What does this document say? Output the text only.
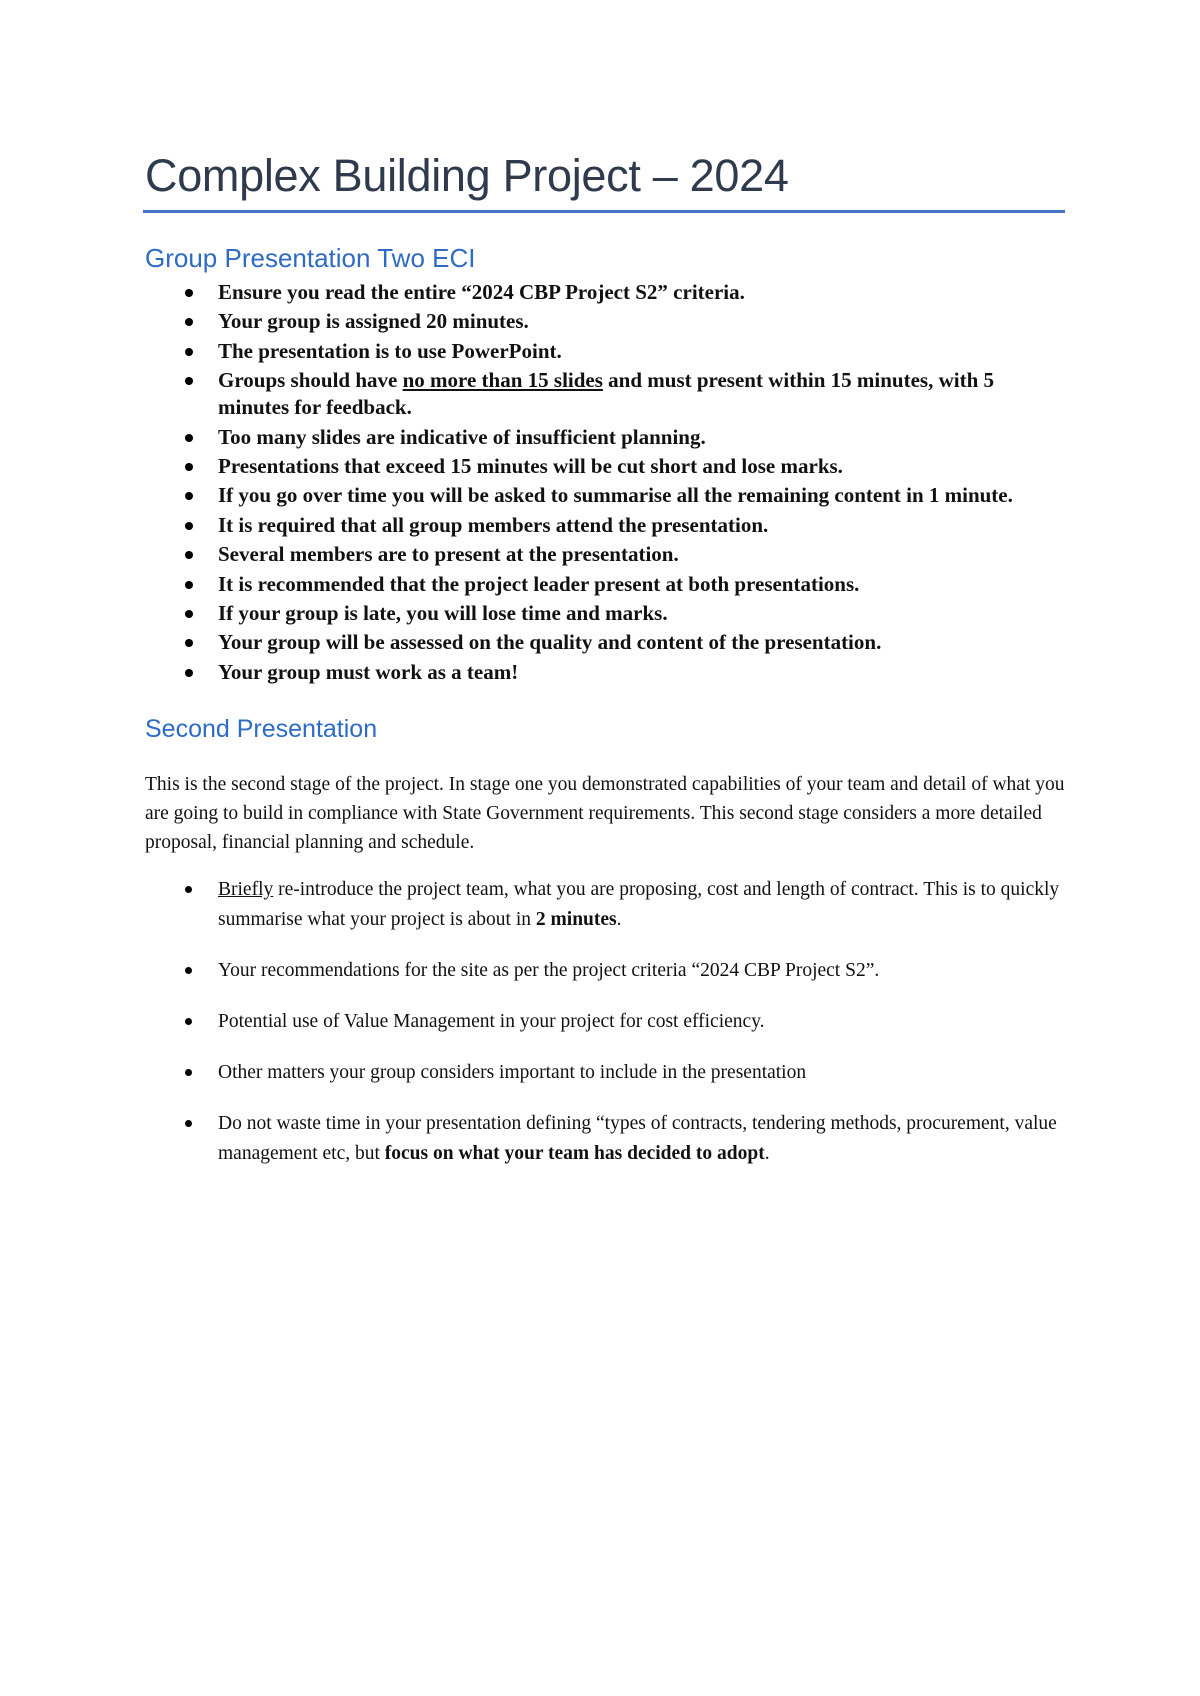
Complex Building Project – 2024
Group Presentation Two ECI
Ensure you read the entire “2024 CBP Project S2” criteria.
Your group is assigned 20 minutes.
The presentation is to use PowerPoint.
Groups should have no more than 15 slides and must present within 15 minutes, with 5 minutes for feedback.
Too many slides are indicative of insufficient planning.
Presentations that exceed 15 minutes will be cut short and lose marks.
If you go over time you will be asked to summarise all the remaining content in 1 minute.
It is required that all group members attend the presentation.
Several members are to present at the presentation.
It is recommended that the project leader present at both presentations.
If your group is late, you will lose time and marks.
Your group will be assessed on the quality and content of the presentation.
Your group must work as a team!
Second Presentation

This is the second stage of the project. In stage one you demonstrated capabilities of your team and detail of what you are going to build in compliance with State Government requirements. This second stage considers a more detailed proposal, financial planning and schedule.

Briefly re-introduce the project team, what you are proposing, cost and length of contract. This is to quickly summarise what your project is about in 2 minutes.
Your recommendations for the site as per the project criteria “2024 CBP Project S2”.
Potential use of Value Management in your project for cost efficiency.
Other matters your group considers important to include in the presentation
Do not waste time in your presentation defining “types of contracts, tendering methods, procurement, value management etc, but focus on what your team has decided to adopt.
